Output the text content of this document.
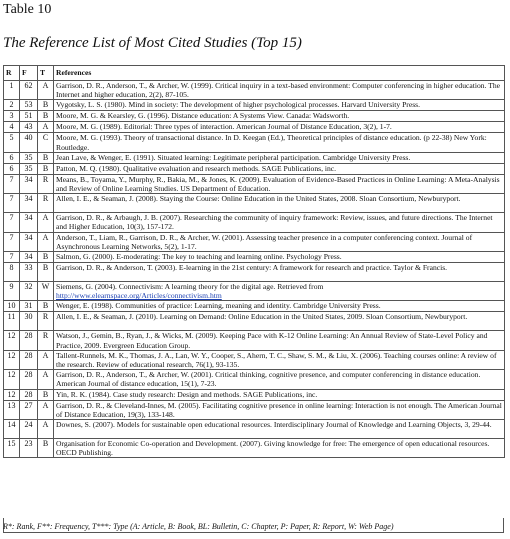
Table 10
The Reference List of Most Cited Studies (Top 15)
R	F	T	References
1	62	A	Garrison, D. R., Anderson, T., & Archer, W. (1999). Critical inquiry in a text-based environment: Computer conferencing in higher education. The Internet and higher education, 2(2), 87-105.
2	53	B	Vygotsky, L. S. (1980). Mind in society: The development of higher psychological processes. Harvard University Press.
3	51	B	Moore, M. G. & Kearsley, G. (1996). Distance education: A Systems View. Canada: Wadsworth.
4	43	A	Moore, M. G. (1989). Editorial: Three types of interaction. American Journal of Distance Education, 3(2), 1-7.
5	40	C	Moore, M. G. (1993). Theory of transactional distance. In D. Keegan (Ed.), Theoretical principles of distance education. (p 22-38) New York: Routledge.
6	35	B	Jean Lave, & Wenger, E. (1991). Situated learning: Legitimate peripheral participation. Cambridge University Press.
6	35	B	Patton, M. Q. (1980). Qualitative evaluation and research methods. SAGE Publications, inc.
7	34	R	Means, B., Toyama, Y., Murphy, R., Bakia, M., & Jones, K. (2009). Evaluation of Evidence-Based Practices in Online Learning: A Meta-Analysis and Review of Online Learning Studies. US Department of Education.
7	34	R	Allen, I. E., & Seaman, J. (2008). Staying the Course: Online Education in the United States, 2008. Sloan Consortium, Newburyport.
7	34	A	Garrison, D. R., & Arbaugh, J. B. (2007). Researching the community of inquiry framework: Review, issues, and future directions. The Internet and Higher Education, 10(3), 157-172.
7	34	A	Anderson, T., Liam, R., Garrison, D. R., & Archer, W. (2001). Assessing teacher presence in a computer conferencing context. Journal of Asynchronous Learning Networks, 5(2), 1-17.
7	34	B	Salmon, G. (2000). E-moderating: The key to teaching and learning online. Psychology Press.
8	33	B	Garrison, D. R., & Anderson, T. (2003). E-learning in the 21st century: A framework for research and practice. Taylor & Francis.
9	32	W	Siemens, G. (2004). Connectivism: A learning theory for the digital age. Retrieved from
http://www.elearnspace.org/Articles/connectivism.htm
10	31	B	Wenger, E. (1998). Communities of practice: Learning, meaning and identity. Cambridge University Press.
11	30	R	Allen, I. E., & Seaman, J. (2010). Learning on Demand: Online Education in the United States, 2009. Sloan Consortium, Newburyport.
12	28	R	Watson, J., Gemin, B., Ryan, J., & Wicks, M. (2009). Keeping Pace with K-12 Online Learning: An Annual Review of State-Level Policy and Practice, 2009. Evergreen Education Group.
12	28	A	Tallent-Runnels, M. K., Thomas, J. A., Lan, W. Y., Cooper, S., Ahern, T. C., Shaw, S. M., & Liu, X. (2006). Teaching courses online: A review of the research. Review of educational research, 76(1), 93-135.
12	28	A	Garrison, D. R., Anderson, T., & Archer, W. (2001). Critical thinking, cognitive presence, and computer conferencing in distance education. American Journal of distance education, 15(1), 7-23.
12	28	B	Yin, R. K. (1984). Case study research: Design and methods. SAGE Publications, inc.
13	27	A	Garrison, D. R., & Cleveland-Innes, M. (2005). Facilitating cognitive presence in online learning: Interaction is not enough. The American Journal of Distance Education, 19(3), 133-148.
14	24	A	Downes, S. (2007). Models for sustainable open educational resources. Interdisciplinary Journal of Knowledge and Learning Objects, 3, 29-44.
15	23	B	Organisation for Economic Co-operation and Development. (2007). Giving knowledge for free: The emergence of open educational resources. OECD Publishing.
R*: Rank, F**: Frequency, T***: Type (A: Article, B: Book, BL: Bulletin, C: Chapter, P: Paper, R: Report, W: Web Page)
